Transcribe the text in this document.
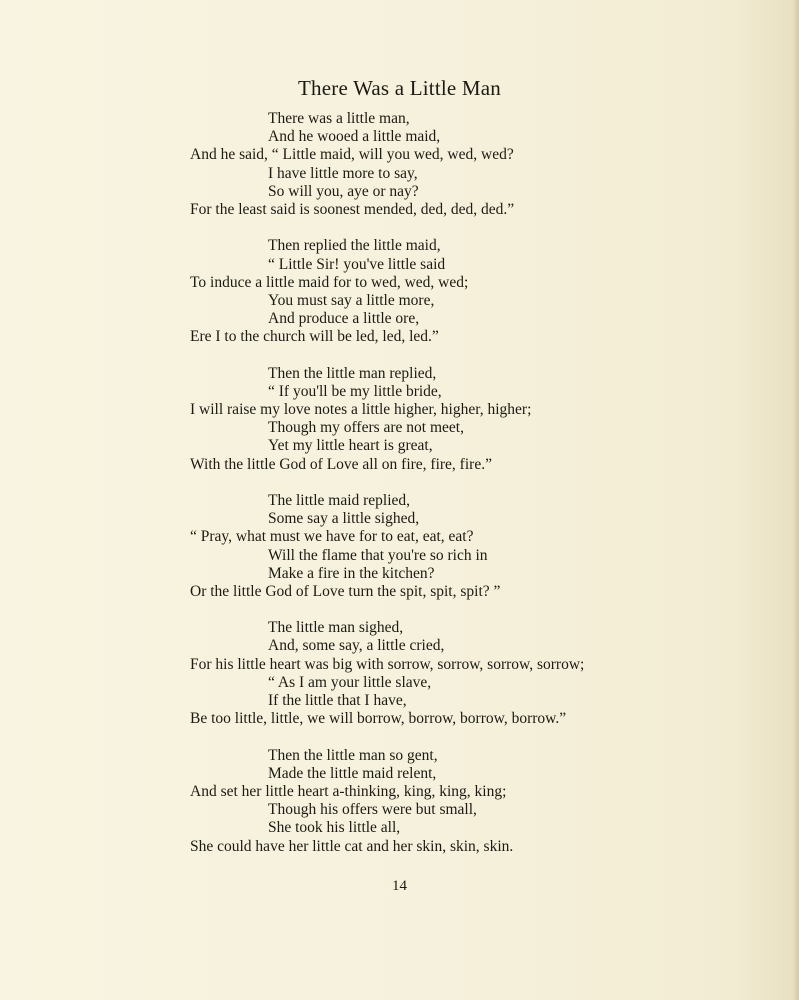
There Was a Little Man
There was a little man,
And he wooed a little maid,
And he said, “ Little maid, will you wed, wed, wed?
I have little more to say,
So will you, aye or nay?
For the least said is soonest mended, ded, ded, ded.”
Then replied the little maid,
“ Little Sir! you've little said
To induce a little maid for to wed, wed, wed;
You must say a little more,
And produce a little ore,
Ere I to the church will be led, led, led.”
Then the little man replied,
“ If you'll be my little bride,
I will raise my love notes a little higher, higher, higher;
Though my offers are not meet,
Yet my little heart is great,
With the little God of Love all on fire, fire, fire.”
The little maid replied,
Some say a little sighed,
“ Pray, what must we have for to eat, eat, eat?
Will the flame that you're so rich in
Make a fire in the kitchen?
Or the little God of Love turn the spit, spit, spit? ”
The little man sighed,
And, some say, a little cried,
For his little heart was big with sorrow, sorrow, sorrow, sorrow;
“ As I am your little slave,
If the little that I have,
Be too little, little, we will borrow, borrow, borrow, borrow.”
Then the little man so gent,
Made the little maid relent,
And set her little heart a-thinking, king, king, king;
Though his offers were but small,
She took his little all,
She could have her little cat and her skin, skin, skin.
14
